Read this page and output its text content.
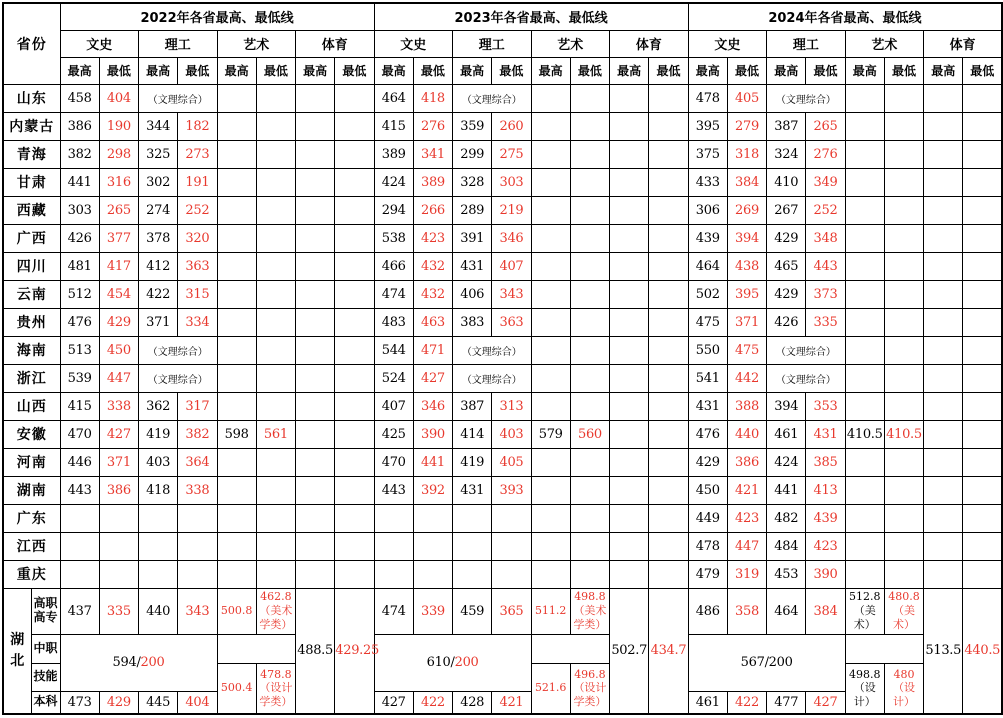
省份		2022年各省最高、最低线								2023年各省最高、最低线								2024年各省最高、最低线							
		文史		理工		艺术		体育		文史		理工		艺术		体育		文史		理工		艺术		体育	
		最高	最低	最高	最低	最高	最低	最高	最低	最高	最低	最高	最低	最高	最低	最高	最低	最高	最低	最高	最低	最高	最低	最高	最低
山东		458	404	（文理综合）						464	418	（文理综合）						478	405	（文理综合）					
内蒙古		386	190	344	182					415	276	359	260					395	279	387	265				
青海		382	298	325	273					389	341	299	275					375	318	324	276				
甘肃		441	316	302	191					424	389	328	303					433	384	410	349				
西藏		303	265	274	252					294	266	289	219					306	269	267	252				
广西		426	377	378	320					538	423	391	346					439	394	429	348				
四川		481	417	412	363					466	432	431	407					464	438	465	443				
云南		512	454	422	315					474	432	406	343					502	395	429	373				
贵州		476	429	371	334					483	463	383	363					475	371	426	335				
海南		513	450	（文理综合）						544	471	（文理综合）						550	475	（文理综合）					
浙江		539	447	（文理综合）						524	427	（文理综合）						541	442	（文理综合）					
山西		415	338	362	317					407	346	387	313					431	388	394	353				
安徽		470	427	419	382	598	561			425	390	414	403	579	560			476	440	461	431	410.5	410.5		
河南		446	371	403	364					470	441	419	405					429	386	424	385				
湖南		443	386	418	338					443	392	431	393					450	421	441	413				
广东																		449	423	482	439				
江西																		478	447	484	423				
重庆																		479	319	453	390				
湖北	高职高专	437	335	440	343	500.8	462.8（美术学类）	488.5	429.25	474	339	459	365	511.2	498.8（美术学类）	502.7	434.7	486	358	464	384	512.8（美术）	480.8（美术）	513.5	440.5
	中职	594/200								610/200								567/200							
	技能					500.4	478.8（设计学类）							521.6	496.8（设计学类）							498.8（设计）	480（设计）		
	本科	473	429	445	404					427	422	428	421					461	422	477	427				
